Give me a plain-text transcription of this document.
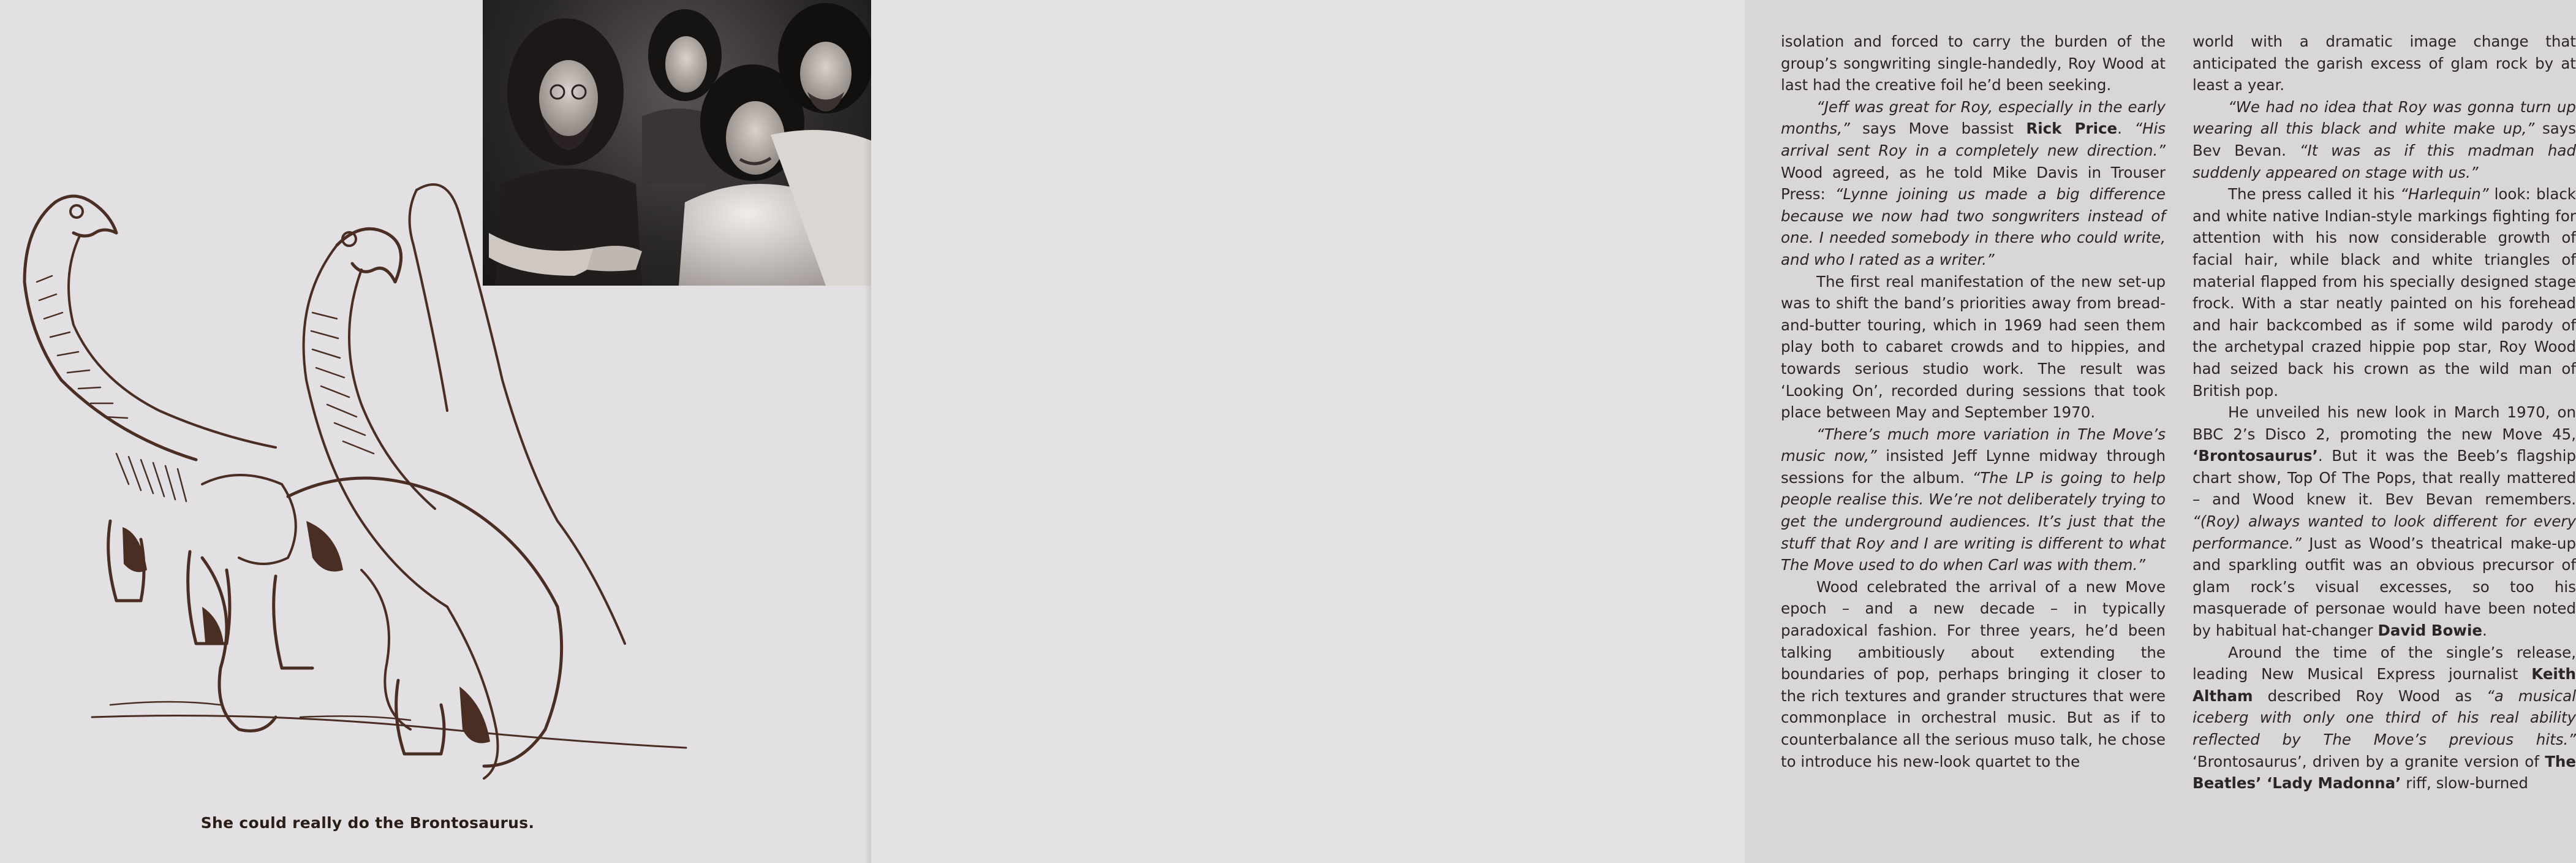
She could really do the Brontosaurus.

isolation and forced to carry the burden of the group’s songwriting single-handedly, Roy Wood at last had the creative foil he’d been seeking.

“Jeff was great for Roy, especially in the early months,” says Move bassist Rick Price. “His arrival sent Roy in a completely new direction.” Wood agreed, as he told Mike Davis in Trouser Press: “Lynne joining us made a big difference because we now had two songwriters instead of one. I needed somebody in there who could write, and who I rated as a writer.”

The first real manifestation of the new set-up was to shift the band’s priorities away from bread-and-butter touring, which in 1969 had seen them play both to cabaret crowds and to hippies, and towards serious studio work. The result was ‘Looking On’, recorded during sessions that took place between May and September 1970.

“There’s much more variation in The Move’s music now,” insisted Jeff Lynne midway through sessions for the album. “The LP is going to help people realise this. We’re not deliberately trying to get the underground audiences. It’s just that the stuff that Roy and I are writing is different to what The Move used to do when Carl was with them.”

Wood celebrated the arrival of a new Move epoch – and a new decade – in typically paradoxical fashion. For three years, he’d been talking ambitiously about extending the boundaries of pop, perhaps bringing it closer to the rich textures and grander structures that were commonplace in orchestral music. But as if to counterbalance all the serious muso talk, he chose to introduce his new-look quartet to the

world with a dramatic image change that anticipated the garish excess of glam rock by at least a year.

“We had no idea that Roy was gonna turn up wearing all this black and white make up,” says Bev Bevan. “It was as if this madman had suddenly appeared on stage with us.”

The press called it his “Harlequin” look: black and white native Indian-style markings fighting for attention with his now considerable growth of facial hair, while black and white triangles of material flapped from his specially designed stage frock. With a star neatly painted on his forehead and hair backcombed as if some wild parody of the archetypal crazed hippie pop star, Roy Wood had seized back his crown as the wild man of British pop.

He unveiled his new look in March 1970, on BBC 2’s Disco 2, promoting the new Move 45, ‘Brontosaurus’. But it was the Beeb’s flagship chart show, Top Of The Pops, that really mattered – and Wood knew it. Bev Bevan remembers. “(Roy) always wanted to look different for every performance.” Just as Wood’s theatrical make-up and sparkling outfit was an obvious precursor of glam rock’s visual excesses, so too his masquerade of personae would have been noted by habitual hat-changer David Bowie.

Around the time of the single’s release, leading New Musical Express journalist Keith Altham described Roy Wood as “a musical iceberg with only one third of his real ability reflected by The Move’s previous hits.” ‘Brontosaurus’, driven by a granite version of The Beatles’ ‘Lady Madonna’ riff, slow-burned
